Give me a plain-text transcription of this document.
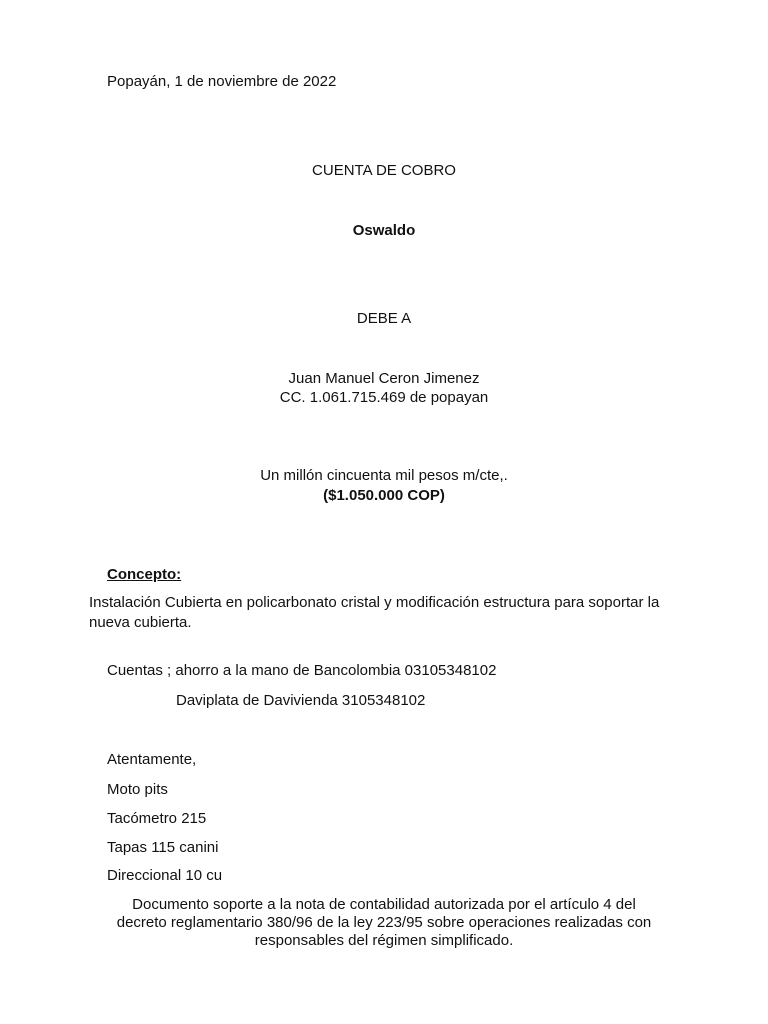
Popayán, 1 de noviembre de 2022
CUENTA DE COBRO
Oswaldo
DEBE A
Juan Manuel Ceron Jimenez
CC. 1.061.715.469 de popayan
Un millón cincuenta mil pesos m/cte,.
($1.050.000 COP)
Concepto:
Instalación Cubierta en policarbonato cristal y modificación estructura para soportar la nueva cubierta.
Cuentas ; ahorro a la mano de Bancolombia 03105348102
Daviplata de Davivienda 3105348102
Atentamente,
Moto pits
Tacómetro 215
Tapas 115 canini
Direccional 10 cu
Documento soporte a la nota de contabilidad autorizada por el artículo 4 del
decreto reglamentario 380/96 de la ley 223/95 sobre operaciones realizadas con
responsables del régimen simplificado.
